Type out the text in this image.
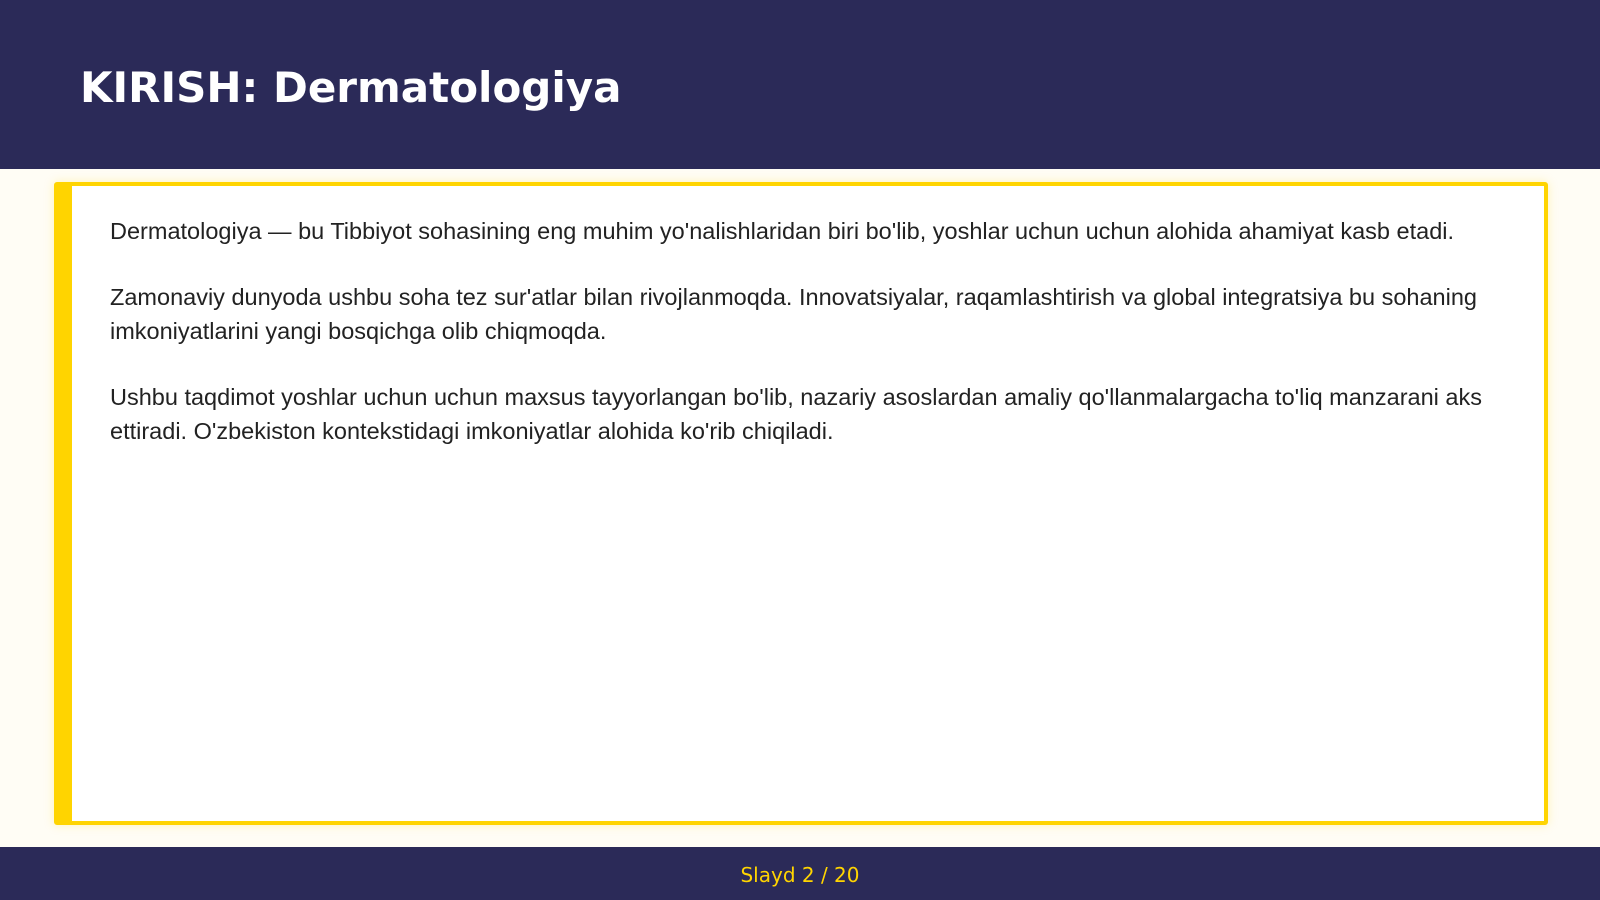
KIRISH: Dermatologiya

Dermatologiya — bu Tibbiyot sohasining eng muhim yo'nalishlaridan biri bo'lib, yoshlar uchun uchun alohida ahamiyat kasb etadi.

Zamonaviy dunyoda ushbu soha tez sur'atlar bilan rivojlanmoqda. Innovatsiyalar, raqamlashtirish va global integratsiya bu sohaning imkoniyatlarini yangi bosqichga olib chiqmoqda.

Ushbu taqdimot yoshlar uchun uchun maxsus tayyorlangan bo'lib, nazariy asoslardan amaliy qo'llanmalargacha to'liq manzarani aks ettiradi. O'zbekiston kontekstidagi imkoniyatlar alohida ko'rib chiqiladi.

Slayd 2 / 20
